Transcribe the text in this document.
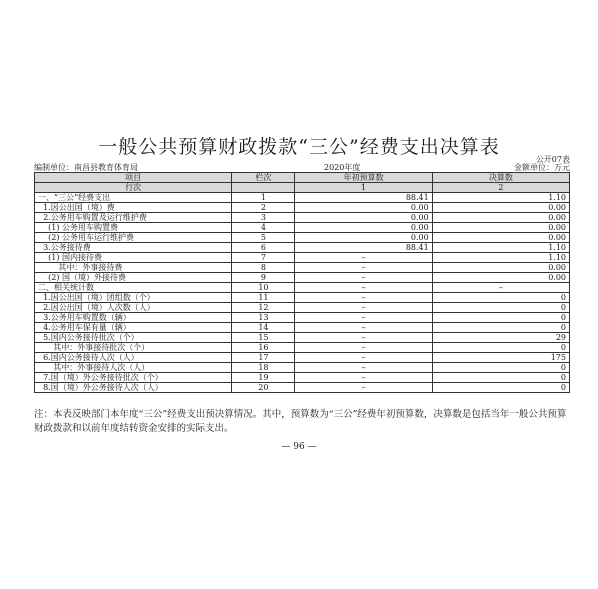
一般公共预算财政拨款“三公”经费支出决算表
公开07表
编制单位：南昌县教育体育局	2020年度	金额单位：万元
项目	栏次	年初预算数	决算数
行次		1	2
一、“三公”经费支出	1	88.41	1.10
1.因公出国（境）费	2	0.00	0.00
2.公务用车购置及运行维护费	3	0.00	0.00
(1) 公务用车购置费	4	0.00	0.00
(2) 公务用车运行维护费	5	0.00	0.00
3.公务接待费	6	88.41	1.10
(1) 国内接待费	7	–	1.10
其中：外事接待费	8	–	0.00
(2) 国（境）外接待费	9	–	0.00
二、相关统计数	10	–	–
1.因公出国（境）团组数（个）	11	–	0
2.因公出国（境）人次数（人）	12	–	0
3.公务用车购置数（辆）	13	–	0
4.公务用车保有量（辆）	14	–	0
5.国内公务接待批次（个）	15	–	29
其中：外事接待批次（个）	16	–	0
6.国内公务接待人次（人）	17	–	175
其中：外事接待人次（人）	18	–	0
7.国（境）外公务接待批次（个）	19	–	0
8.国（境）外公务接待人次（人）	20	–	0
注：本表反映部门本年度“三公”经费支出预决算情况。其中，预算数为“三公”经费年初预算数，决算数是包括当年一般公共预算财政拨款和以前年度结转资金安排的实际支出。
— 96 —
